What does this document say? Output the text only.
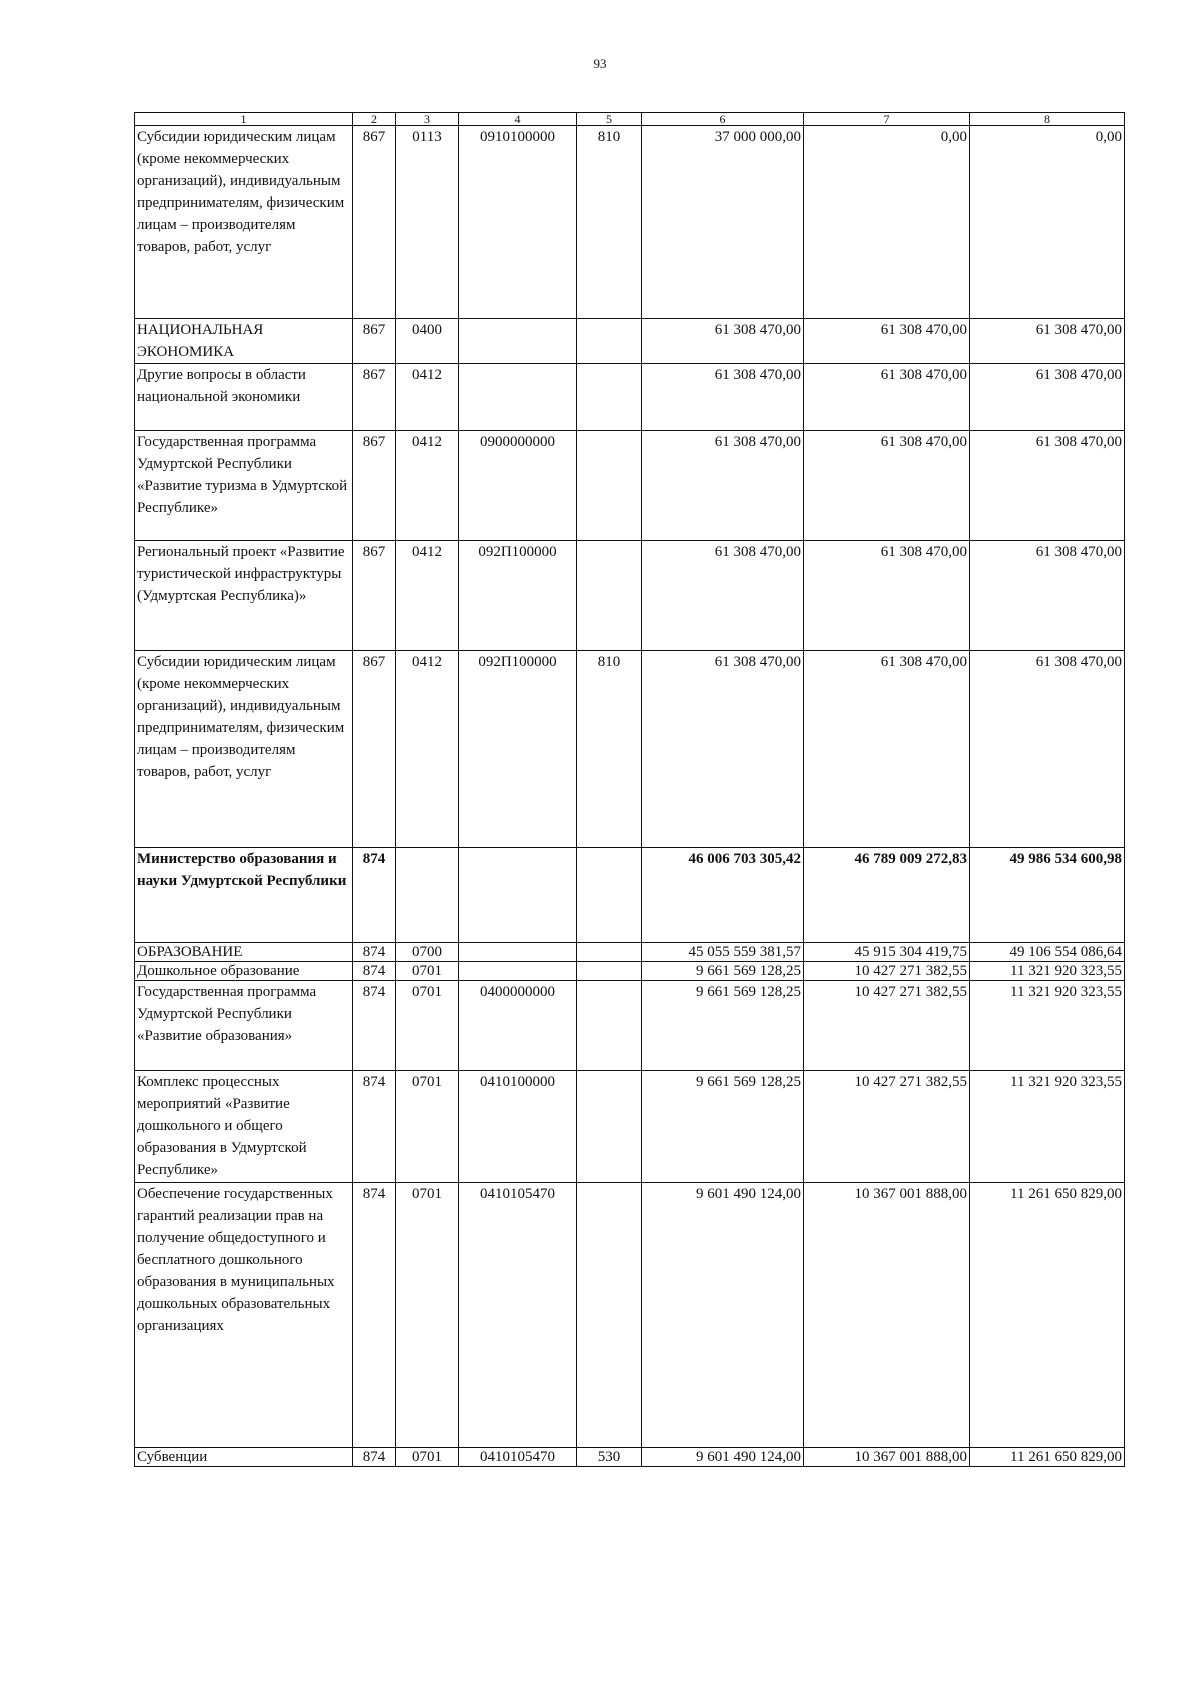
93
1	2	3	4	5	6	7	8
Субсидии юридическим лицам (кроме некоммерческих организаций), индивидуальным предпринимателям, физическим лицам – производителям товаров, работ, услуг	867	0113	0910100000	810	37 000 000,00	0,00	0,00
НАЦИОНАЛЬНАЯ ЭКОНОМИКА	867	0400			61 308 470,00	61 308 470,00	61 308 470,00
Другие вопросы в области национальной экономики	867	0412			61 308 470,00	61 308 470,00	61 308 470,00
Государственная программа Удмуртской Республики «Развитие туризма в Удмуртской Республике»	867	0412	0900000000		61 308 470,00	61 308 470,00	61 308 470,00
Региональный проект «Развитие туристической инфраструктуры (Удмуртская Республика)»	867	0412	092П100000		61 308 470,00	61 308 470,00	61 308 470,00
Субсидии юридическим лицам (кроме некоммерческих организаций), индивидуальным предпринимателям, физическим лицам – производителям товаров, работ, услуг	867	0412	092П100000	810	61 308 470,00	61 308 470,00	61 308 470,00
Министерство образования и науки Удмуртской Республики	874				46 006 703 305,42	46 789 009 272,83	49 986 534 600,98
ОБРАЗОВАНИЕ	874	0700			45 055 559 381,57	45 915 304 419,75	49 106 554 086,64
Дошкольное образование	874	0701			9 661 569 128,25	10 427 271 382,55	11 321 920 323,55
Государственная программа Удмуртской Республики «Развитие образования»	874	0701	0400000000		9 661 569 128,25	10 427 271 382,55	11 321 920 323,55
Комплекс процессных мероприятий «Развитие дошкольного и общего образования в Удмуртской Республике»	874	0701	0410100000		9 661 569 128,25	10 427 271 382,55	11 321 920 323,55
Обеспечение государственных гарантий реализации прав на получение общедоступного и бесплатного дошкольного образования в муниципальных дошкольных образовательных организациях	874	0701	0410105470		9 601 490 124,00	10 367 001 888,00	11 261 650 829,00
Субвенции	874	0701	0410105470	530	9 601 490 124,00	10 367 001 888,00	11 261 650 829,00
